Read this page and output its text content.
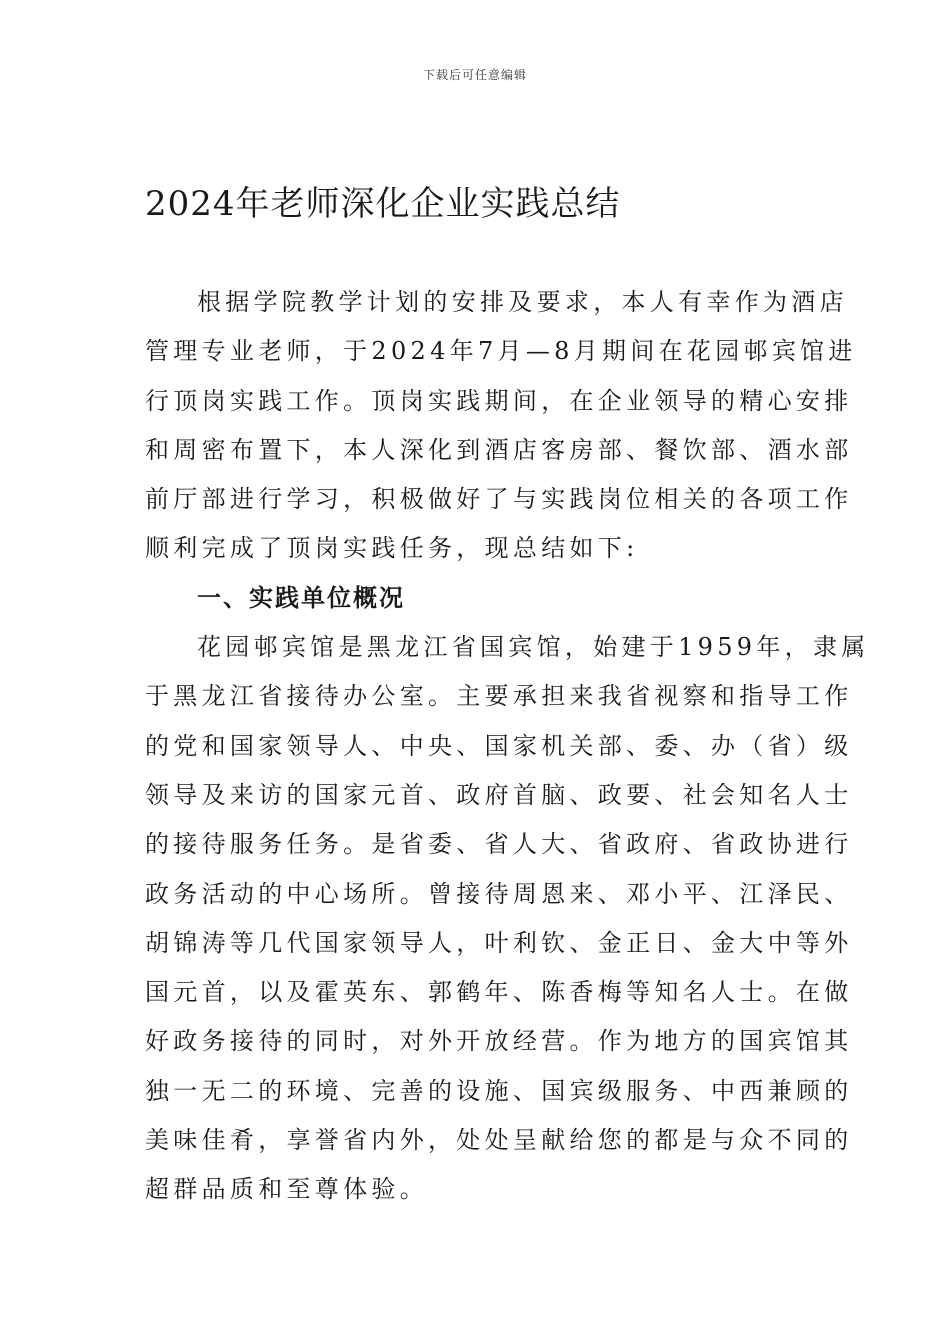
下载后可任意编辑
2024年老师深化企业实践总结
根据学院教学计划的安排及要求，本人有幸作为酒店
管理专业老师，于2024年7月—8月期间在花园邨宾馆进
行顶岗实践工作。顶岗实践期间，在企业领导的精心安排
和周密布置下，本人深化到酒店客房部、餐饮部、酒水部
前厅部进行学习，积极做好了与实践岗位相关的各项工作
顺利完成了顶岗实践任务，现总结如下:
一、实践单位概况
花园邨宾馆是黑龙江省国宾馆，始建于1959年，隶属
于黑龙江省接待办公室。主要承担来我省视察和指导工作
的党和国家领导人、中央、国家机关部、委、办（省）级
领导及来访的国家元首、政府首脑、政要、社会知名人士
的接待服务任务。是省委、省人大、省政府、省政协进行
政务活动的中心场所。曾接待周恩来、邓小平、江泽民、
胡锦涛等几代国家领导人，叶利钦、金正日、金大中等外
国元首，以及霍英东、郭鹤年、陈香梅等知名人士。在做
好政务接待的同时，对外开放经营。作为地方的国宾馆其
独一无二的环境、完善的设施、国宾级服务、中西兼顾的
美味佳肴，享誉省内外，处处呈献给您的都是与众不同的
超群品质和至尊体验。
